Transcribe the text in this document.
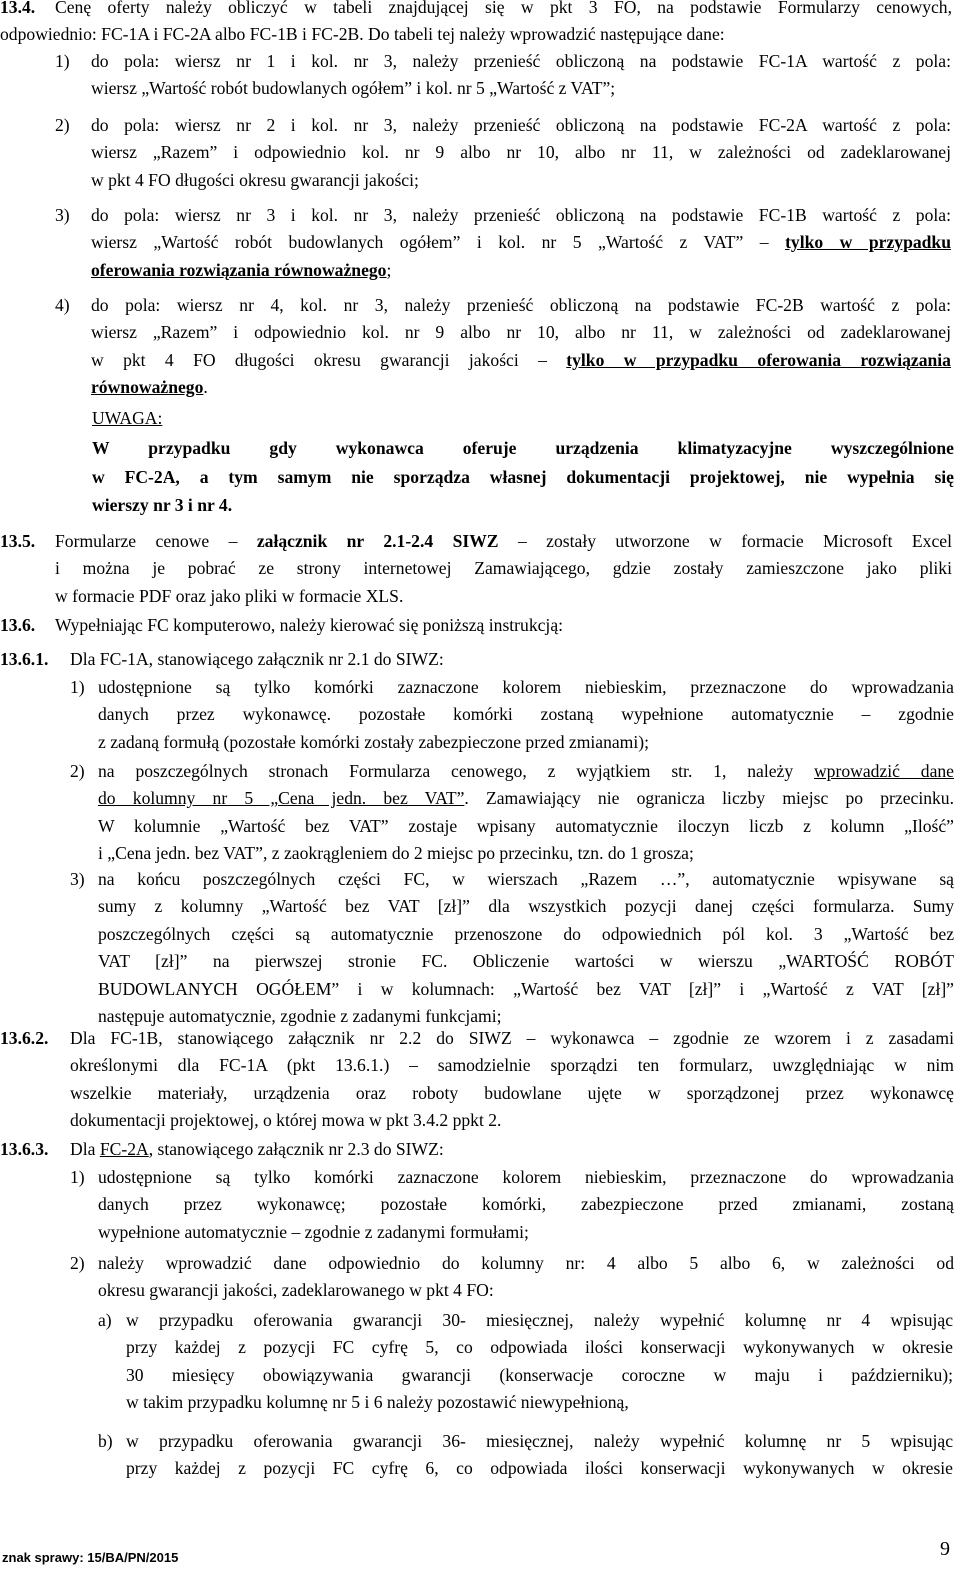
13.4. Cenę oferty należy obliczyć w tabeli znajdującej się w pkt 3 FO, na podstawie Formularzy cenowych,
odpowiednio: FC-1A i FC-2A albo FC-1B i FC-2B. Do tabeli tej należy wprowadzić następujące dane:
1) do pola: wiersz nr 1 i kol. nr 3, należy przenieść obliczoną na podstawie FC-1A wartość z pola:
wiersz „Wartość robót budowlanych ogółem” i kol. nr 5 „Wartość z VAT”;
2) do pola: wiersz nr 2 i kol. nr 3, należy przenieść obliczoną na podstawie FC-2A wartość z pola:
wiersz „Razem” i odpowiednio kol. nr 9 albo nr 10, albo nr 11, w zależności od zadeklarowanej
w pkt 4 FO długości okresu gwarancji jakości;
3) do pola: wiersz nr 3 i kol. nr 3, należy przenieść obliczoną na podstawie FC-1B wartość z pola:
wiersz „Wartość robót budowlanych ogółem” i kol. nr 5 „Wartość z VAT” – tylko w przypadku
oferowania rozwiązania równoważnego;
4) do pola: wiersz nr 4, kol. nr 3, należy przenieść obliczoną na podstawie FC-2B wartość z pola:
wiersz „Razem” i odpowiednio kol. nr 9 albo nr 10, albo nr 11, w zależności od zadeklarowanej
w pkt 4 FO długości okresu gwarancji jakości – tylko w przypadku oferowania rozwiązania
równoważnego.
UWAGA:
W przypadku gdy wykonawca oferuje urządzenia klimatyzacyjne wyszczególnione
w FC-2A, a tym samym nie sporządza własnej dokumentacji projektowej, nie wypełnia się
wierszy nr 3 i nr 4.
13.5. Formularze cenowe – załącznik nr 2.1-2.4 SIWZ – zostały utworzone w formacie Microsoft Excel
i można je pobrać ze strony internetowej Zamawiającego, gdzie zostały zamieszczone jako pliki
w formacie PDF oraz jako pliki w formacie XLS.
13.6. Wypełniając FC komputerowo, należy kierować się poniższą instrukcją:
13.6.1. Dla FC-1A, stanowiącego załącznik nr 2.1 do SIWZ:
1) udostępnione są tylko komórki zaznaczone kolorem niebieskim, przeznaczone do wprowadzania
danych przez wykonawcę. pozostałe komórki zostaną wypełnione automatycznie – zgodnie
z zadaną formułą (pozostałe komórki zostały zabezpieczone przed zmianami);
2) na poszczególnych stronach Formularza cenowego, z wyjątkiem str. 1, należy wprowadzić dane
do kolumny nr 5 „Cena jedn. bez VAT”. Zamawiający nie ogranicza liczby miejsc po przecinku.
W kolumnie „Wartość bez VAT” zostaje wpisany automatycznie iloczyn liczb z kolumn „Ilość”
i „Cena jedn. bez VAT”, z zaokrągleniem do 2 miejsc po przecinku, tzn. do 1 grosza;
3) na końcu poszczególnych części FC, w wierszach „Razem …”, automatycznie wpisywane są
sumy z kolumny „Wartość bez VAT [zł]” dla wszystkich pozycji danej części formularza. Sumy
poszczególnych części są automatycznie przenoszone do odpowiednich pól kol. 3 „Wartość bez
VAT [zł]” na pierwszej stronie FC. Obliczenie wartości w wierszu „WARTOŚĆ ROBÓT
BUDOWLANYCH OGÓŁEM” i w kolumnach: „Wartość bez VAT [zł]” i „Wartość z VAT [zł]”
następuje automatycznie, zgodnie z zadanymi funkcjami;
13.6.2. Dla FC-1B, stanowiącego załącznik nr 2.2 do SIWZ – wykonawca – zgodnie ze wzorem i z zasadami
określonymi dla FC-1A (pkt 13.6.1.) – samodzielnie sporządzi ten formularz, uwzględniając w nim
wszelkie materiały, urządzenia oraz roboty budowlane ujęte w sporządzonej przez wykonawcę
dokumentacji projektowej, o której mowa w pkt 3.4.2 ppkt 2.
13.6.3. Dla FC-2A, stanowiącego załącznik nr 2.3 do SIWZ:
1) udostępnione są tylko komórki zaznaczone kolorem niebieskim, przeznaczone do wprowadzania
danych przez wykonawcę; pozostałe komórki, zabezpieczone przed zmianami, zostaną
wypełnione automatycznie – zgodnie z zadanymi formułami;
2) należy wprowadzić dane odpowiednio do kolumny nr: 4 albo 5 albo 6, w zależności od
okresu gwarancji jakości, zadeklarowanego w pkt 4 FO:
a) w przypadku oferowania gwarancji 30- miesięcznej, należy wypełnić kolumnę nr 4 wpisując
przy każdej z pozycji FC cyfrę 5, co odpowiada ilości konserwacji wykonywanych w okresie
30 miesięcy obowiązywania gwarancji (konserwacje coroczne w maju i październiku);
w takim przypadku kolumnę nr 5 i 6 należy pozostawić niewypełnioną,
b) w przypadku oferowania gwarancji 36- miesięcznej, należy wypełnić kolumnę nr 5 wpisując
przy każdej z pozycji FC cyfrę 6, co odpowiada ilości konserwacji wykonywanych w okresie
znak sprawy: 15/BA/PN/2015	9
